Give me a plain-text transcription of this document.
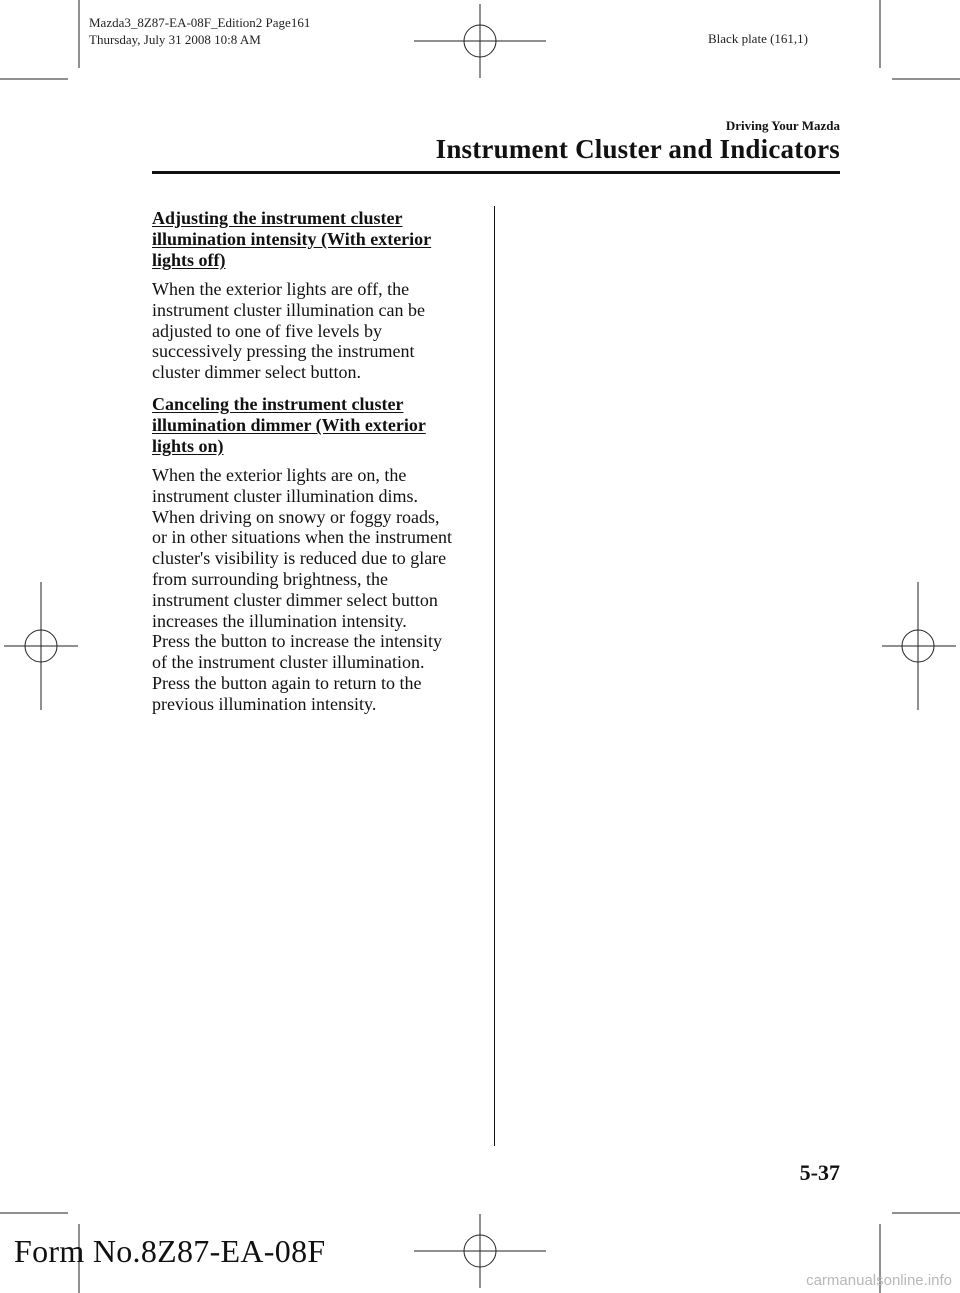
Mazda3_8Z87-EA-08F_Edition2 Page161
Thursday, July 31 2008 10:8 AM	Black plate (161,1)
Driving Your Mazda
Instrument Cluster and Indicators
Adjusting the instrument cluster
illumination intensity (With exterior
lights off)
When the exterior lights are off, the
instrument cluster illumination can be
adjusted to one of five levels by
successively pressing the instrument
cluster dimmer select button.
Canceling the instrument cluster
illumination dimmer (With exterior
lights on)
When the exterior lights are on, the
instrument cluster illumination dims.
When driving on snowy or foggy roads,
or in other situations when the instrument
cluster's visibility is reduced due to glare
from surrounding brightness, the
instrument cluster dimmer select button
increases the illumination intensity.
Press the button to increase the intensity
of the instrument cluster illumination.
Press the button again to return to the
previous illumination intensity.
5-37
Form No.8Z87-EA-08F
carmanualsonline.info
